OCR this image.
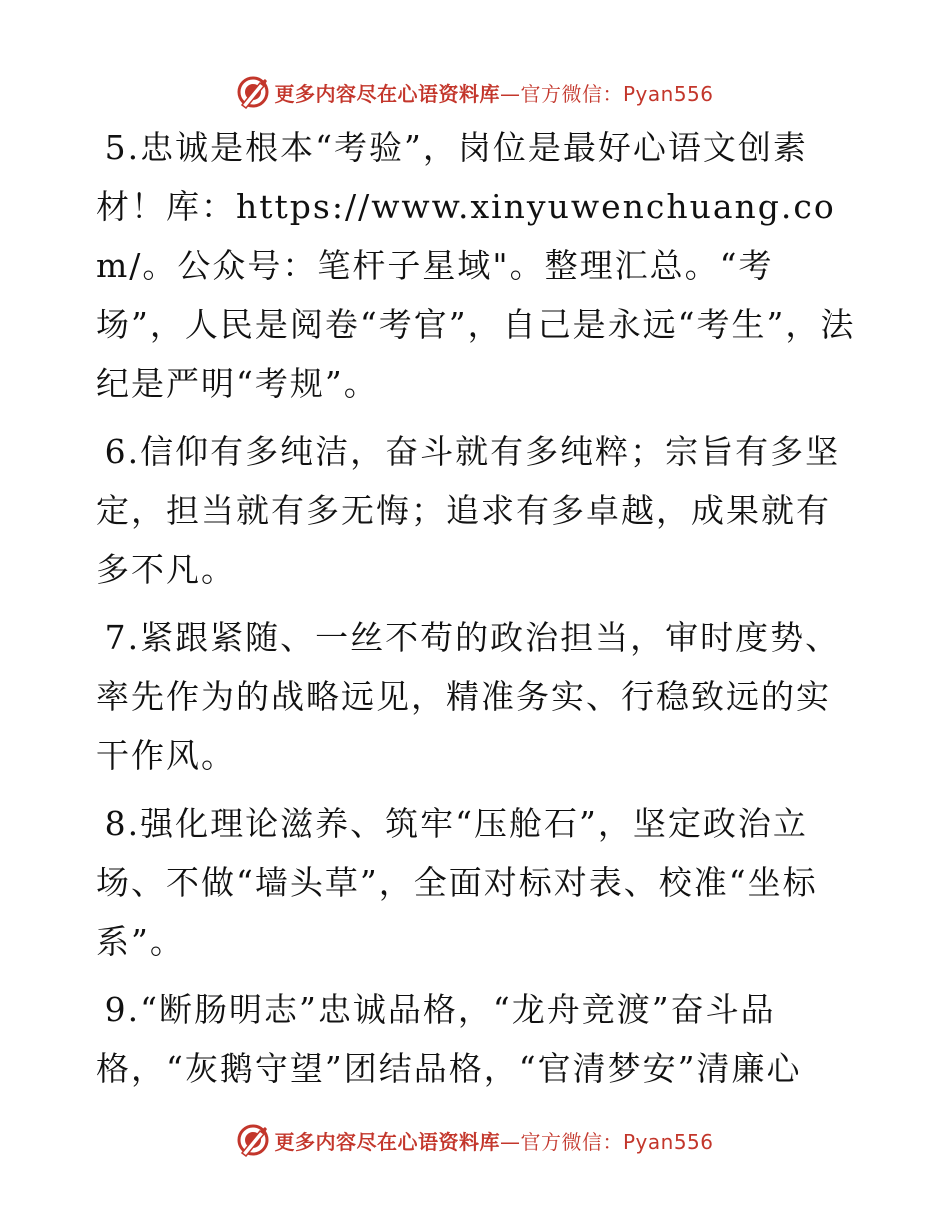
更多内容尽在心语资料库—官方微信：Pyan556

 5.忠诚是根本“考验”，岗位是最好心语文创素材！库：https://www.xinyuwenchuang.com/。公众号：笔杆子星域"。整理汇总。“考场”，人民是阅卷“考官”，自己是永远“考生”，法纪是严明“考规”。

 6.信仰有多纯洁，奋斗就有多纯粹；宗旨有多坚定，担当就有多无悔；追求有多卓越，成果就有多不凡。

 7.紧跟紧随、一丝不苟的政治担当，审时度势、率先作为的战略远见，精准务实、行稳致远的实干作风。

 8.强化理论滋养、筑牢“压舱石”，坚定政治立场、不做“墙头草”，全面对标对表、校准“坐标系”。

 9.“断肠明志”忠诚品格，“龙舟竞渡”奋斗品格，“灰鹅守望”团结品格，“官清梦安”清廉心

更多内容尽在心语资料库—官方微信：Pyan556
